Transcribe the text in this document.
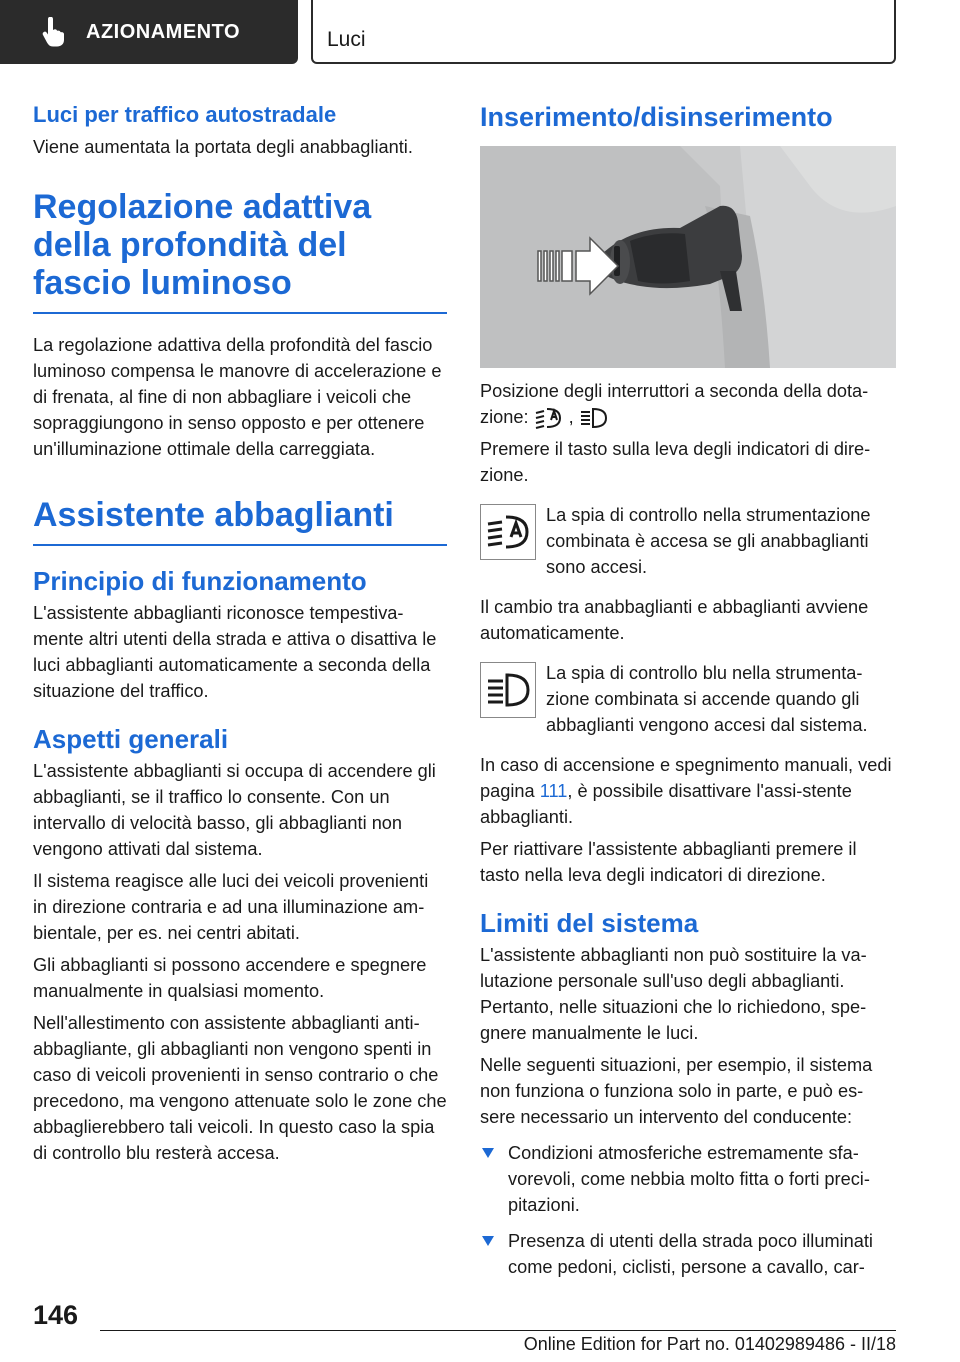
AZIONAMENTO	Luci
Luci per traffico autostradale

Viene aumentata la portata degli anabbaglianti.

Regolazione adattiva della profondità del fascio luminoso

La regolazione adattiva della profondità del fascio luminoso compensa le manovre di accelerazione e di frenata, al fine di non abbagliare i veicoli che sopraggiungono in senso opposto e per ottenere un'illuminazione ottimale della carreggiata.

Assistente abbaglianti
Principio di funzionamento

L'assistente abbaglianti riconosce tempestiva-mente altri utenti della strada e attiva o disattiva le luci abbaglianti automaticamente a seconda della situazione del traffico.

Aspetti generali

L'assistente abbaglianti si occupa di accendere gli abbaglianti, se il traffico lo consente. Con un intervallo di velocità basso, gli abbaglianti non vengono attivati dal sistema.

Il sistema reagisce alle luci dei veicoli provenienti in direzione contraria e ad una illuminazione am-bientale, per es. nei centri abitati.

Gli abbaglianti si possono accendere e spegnere manualmente in qualsiasi momento.

Nell'allestimento con assistente abbaglianti anti-abbagliante, gli abbaglianti non vengono spenti in caso di veicoli provenienti in senso contrario o che precedono, ma vengono attenuate solo le zone che abbaglierebbero tali veicoli. In questo caso la spia di controllo blu resterà accesa.

Inserimento/disinserimento

Posizione degli interruttori a seconda della dota-zione: ,

Premere il tasto sulla leva degli indicatori di dire-zione.

La spia di controllo nella strumentazione combinata è accesa se gli anabbaglianti sono accesi.

Il cambio tra anabbaglianti e abbaglianti avviene automaticamente.

La spia di controllo blu nella strumenta-zione combinata si accende quando gli abbaglianti vengono accesi dal sistema.

In caso di accensione e spegnimento manuali, vedi pagina 111, è possibile disattivare l'assi-stente abbaglianti.

Per riattivare l'assistente abbaglianti premere il tasto nella leva degli indicatori di direzione.

Limiti del sistema

L'assistente abbaglianti non può sostituire la va-lutazione personale sull'uso degli abbaglianti. Pertanto, nelle situazioni che lo richiedono, spe-gnere manualmente le luci.

Nelle seguenti situazioni, per esempio, il sistema non funziona o funziona solo in parte, e può es-sere necessario un intervento del conducente:

Condizioni atmosferiche estremamente sfa-vorevoli, come nebbia molto fitta o forti preci-pitazioni.
Presenza di utenti della strada poco illuminati come pedoni, ciclisti, persone a cavallo, car-
146
Online Edition for Part no. 01402989486 - II/18
